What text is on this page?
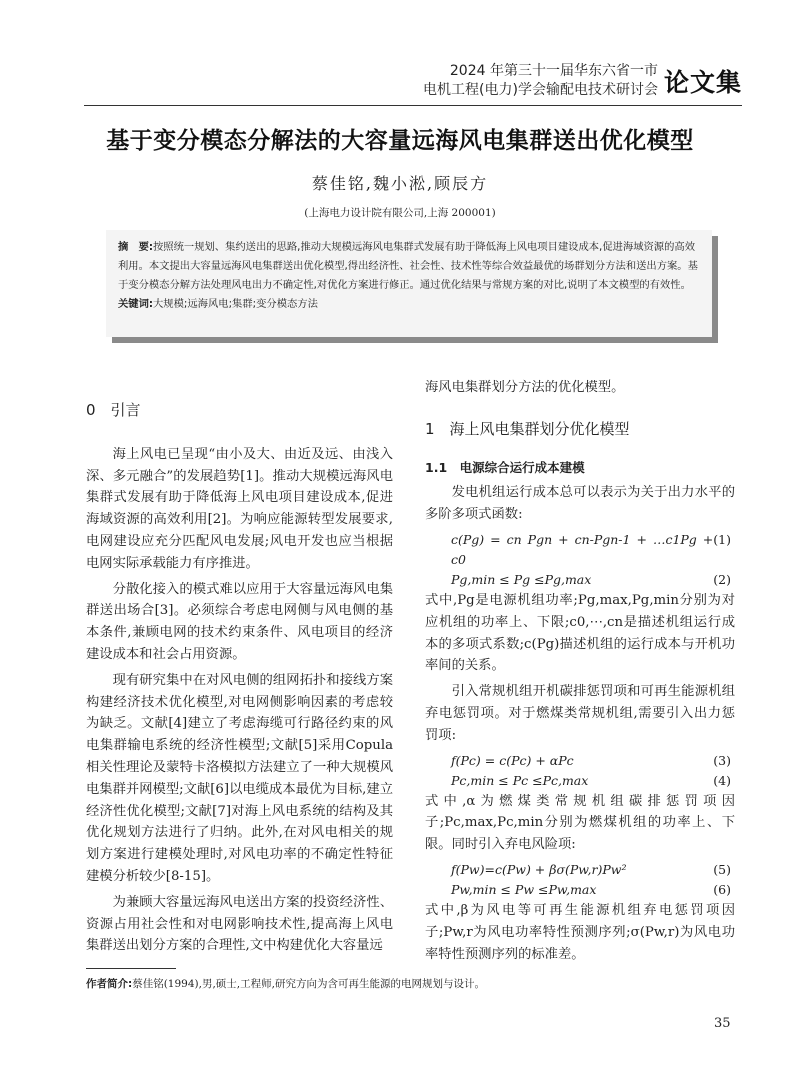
2024 年第三十一届华东六省一市
电机工程(电力)学会输配电技术研讨会 论文集
基于变分模态分解法的大容量远海风电集群送出优化模型
蔡佳铭,魏小淞,顾辰方
(上海电力设计院有限公司,上海 200001)

摘　要:按照统一规划、集约送出的思路,推动大规模远海风电集群式发展有助于降低海上风电项目建设成本,促进海域资源的高效利用。本文提出大容量远海风电集群送出优化模型,得出经济性、社会性、技术性等综合效益最优的场群划分方法和送出方案。基于变分模态分解方法处理风电出力不确定性,对优化方案进行修正。通过优化结果与常规方案的对比,说明了本文模型的有效性。

关键词:大规模;远海风电;集群;变分模态方法

0　引言

海上风电已呈现“由小及大、由近及远、由浅入深、多元融合”的发展趋势[1]。推动大规模远海风电集群式发展有助于降低海上风电项目建设成本,促进海域资源的高效利用[2]。为响应能源转型发展要求,电网建设应充分匹配风电发展;风电开发也应当根据电网实际承载能力有序推进。

分散化接入的模式难以应用于大容量远海风电集群送出场合[3]。必须综合考虑电网侧与风电侧的基本条件,兼顾电网的技术约束条件、风电项目的经济建设成本和社会占用资源。

现有研究集中在对风电侧的组网拓扑和接线方案构建经济技术优化模型,对电网侧影响因素的考虑较为缺乏。文献[4]建立了考虑海缆可行路径约束的风电集群输电系统的经济性模型;文献[5]采用Copula相关性理论及蒙特卡洛模拟方法建立了一种大规模风电集群并网模型;文献[6]以电缆成本最优为目标,建立经济性优化模型;文献[7]对海上风电系统的结构及其优化规划方法进行了归纳。此外,在对风电相关的规划方案进行建模处理时,对风电功率的不确定性特征建模分析较少[8-15]。

为兼顾大容量远海风电送出方案的投资经济性、资源占用社会性和对电网影响技术性,提高海上风电集群送出划分方案的合理性,文中构建优化大容量远

海风电集群划分方法的优化模型。

1　海上风电集群划分优化模型

1.1　电源综合运行成本建模

发电机组运行成本总可以表示为关于出力水平的多阶多项式函数:

c(Pg) = cn Pgn + cn-Pgn-1 + …c1Pg + c0
(1)
Pg,min ≤ Pg ≤Pg,max	(2)

式中,Pg是电源机组功率;Pg,max,Pg,min分别为对应机组的功率上、下限;c0,⋯,cn是描述机组运行成本的多项式系数;c(Pg)描述机组的运行成本与开机功率间的关系。

引入常规机组开机碳排惩罚项和可再生能源机组弃电惩罚项。对于燃煤类常规机组,需要引入出力惩罚项:

f(Pc) = c(Pc) + αPc	(3)
Pc,min ≤ Pc ≤Pc,max	(4)

式中,α为燃煤类常规机组碳排惩罚项因子;Pc,max,Pc,min分别为燃煤机组的功率上、下限。同时引入弃电风险项:

f(Pw)=c(Pw) + βσ(Pw,r)Pw²	(5)
Pw,min ≤ Pw ≤Pw,max	(6)

式中,β为风电等可再生能源机组弃电惩罚项因子;Pw,r为风电功率特性预测序列;σ(Pw,r)为风电功率特性预测序列的标准差。

作者简介:蔡佳铭(1994),男,硕士,工程师,研究方向为含可再生能源的电网规划与设计。
35
